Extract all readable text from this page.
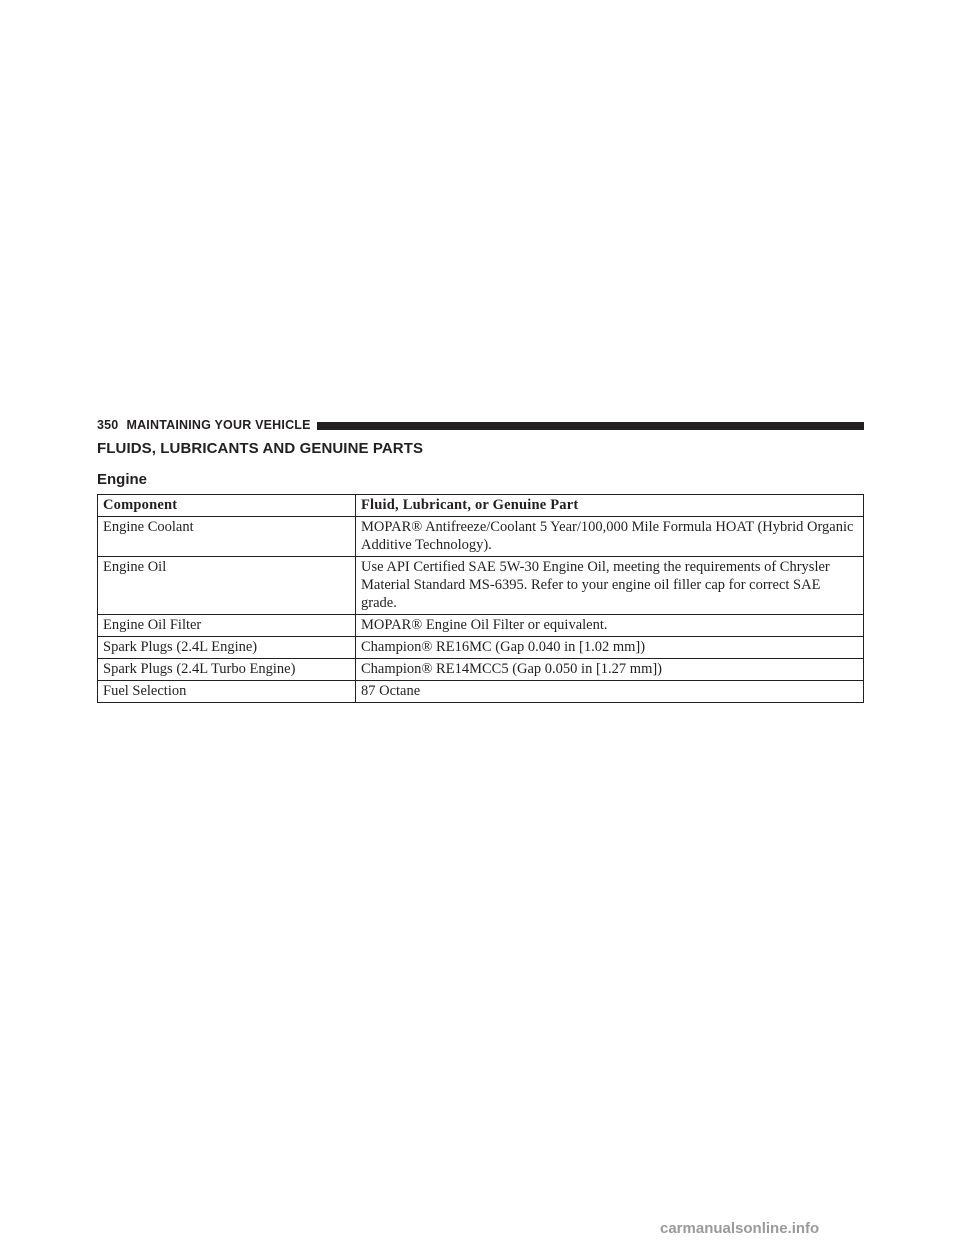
350 MAINTAINING YOUR VEHICLE
FLUIDS, LUBRICANTS AND GENUINE PARTS
Engine
Component	Fluid, Lubricant, or Genuine Part
Engine Coolant	MOPAR® Antifreeze/Coolant 5 Year/100,000 Mile Formula HOAT (Hybrid Organic Additive Technology).
Engine Oil	Use API Certified SAE 5W-30 Engine Oil, meeting the requirements of Chrysler Material Standard MS-6395. Refer to your engine oil filler cap for correct SAE grade.
Engine Oil Filter	MOPAR® Engine Oil Filter or equivalent.
Spark Plugs (2.4L Engine)	Champion® RE16MC (Gap 0.040 in [1.02 mm])
Spark Plugs (2.4L Turbo Engine)	Champion® RE14MCC5 (Gap 0.050 in [1.27 mm])
Fuel Selection	87 Octane
carmanualsonline.info
